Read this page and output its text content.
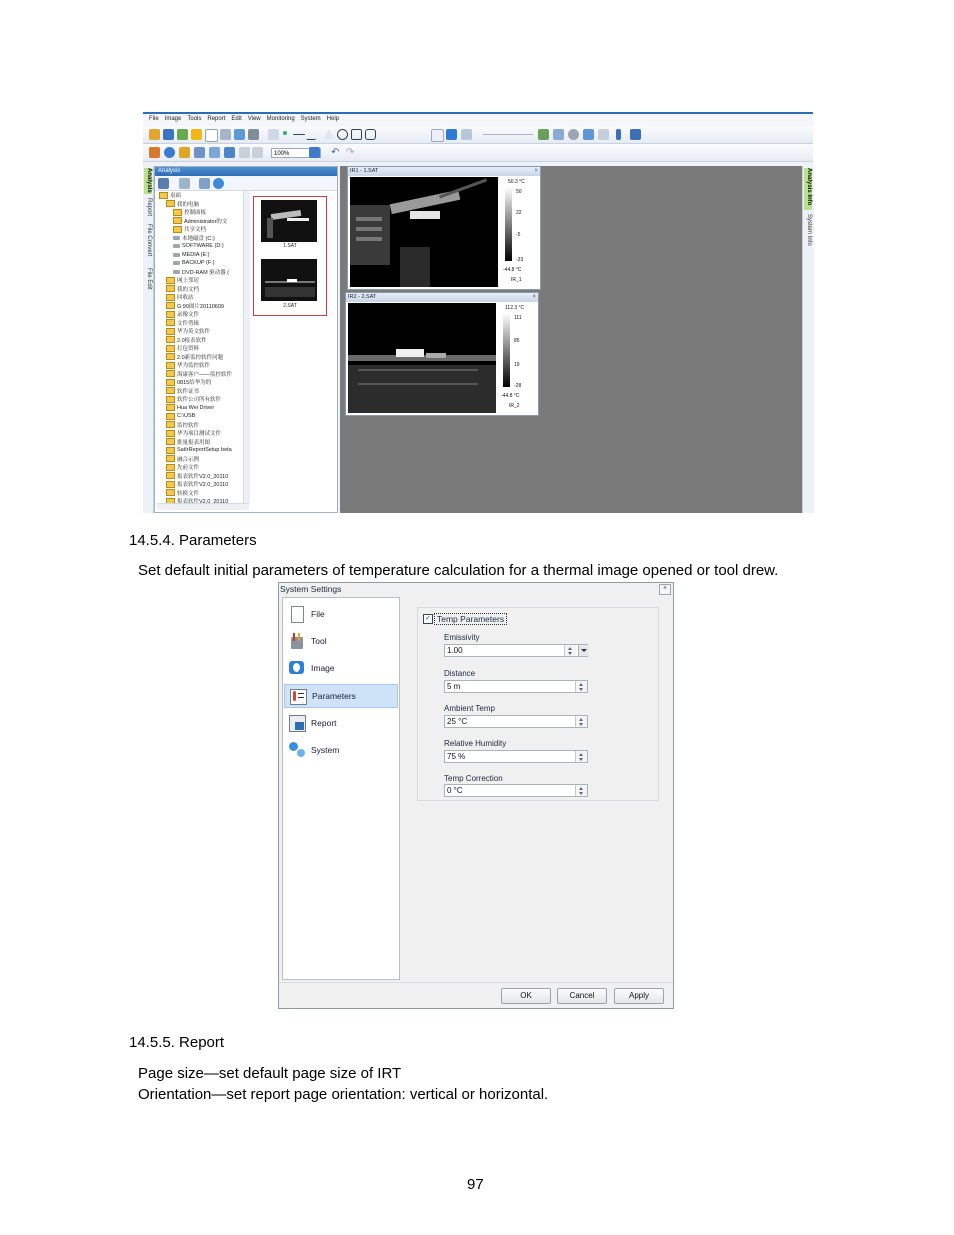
File Image Tools Report Edit View Monitoring System Help
100%	↶ ↷
Analysis
Report
File Convert
File Edit
Analysis
桌面
我的电脑
控制面板
Administrator的文
共享文档
本地磁盘 (C:)
SOFTWARE (D:)
MEDIA (E:)
BACKUP (F:)
DVD-RAM 驱动器 (
网上邻居
我的文档
回收站
G:90图片20110609
录像文件
文件剪辑
华为英文软件
2.0报表软件
打包资料
2.0新监控软件问题
华为监控软件
海康客户——监控软件
0815给华为的
软件证书
软件公司所有软件
Hua Wei Driver
C:\USB
监控软件
华为项目测试文件
批量报表用图
SatIrReportSetup beta
融合示例
先前文件
报表软件V2.0_20110
报表软件V2.0_20110
转换文件
1.SAT
2.SAT
IR1 - 1.SAT	×
50.3 °C
50
22
-5
-33
-44.8 °C
IR_1
IR2 - 2.SAT	×
112.3 °C
111
85
19
-28
-44.8 °C
IR_2
Analysis Info
System Info
14.5.4. Parameters
Set default initial parameters of temperature calculation for a thermal image opened or tool drew.
System Settings	×
File
Tool
Image
Parameters
Report
System
✓ Temp Parameters
Emissivity
1.00
Distance
5 m
Ambient Temp
25 °C
Relative Humidity
75 %
Temp Correction
0 °C
OK	Cancel	Apply
14.5.5. Report
Page size—set default page size of IRT
Orientation—set report page orientation: vertical or horizontal.
97
